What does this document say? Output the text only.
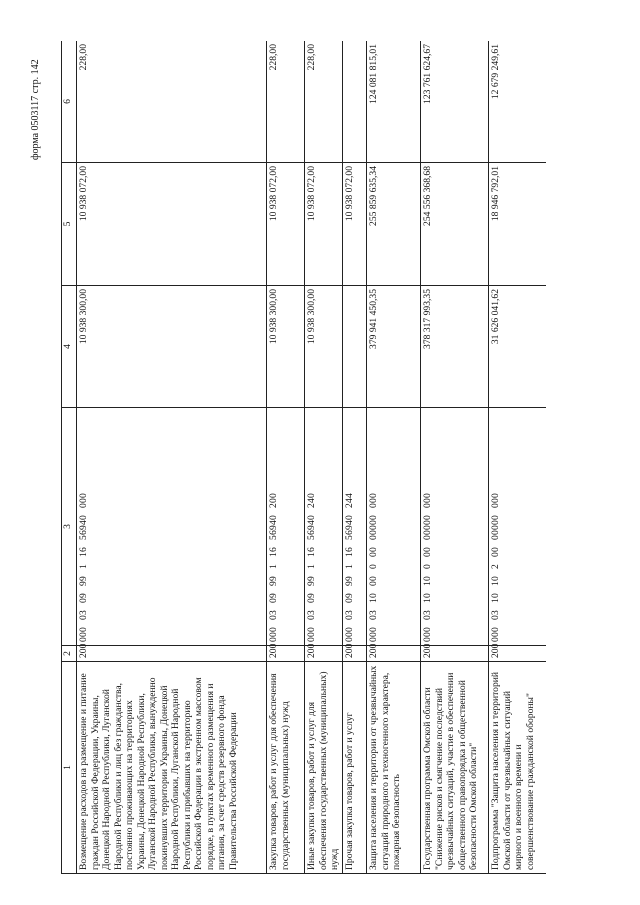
форма 0503117 стр. 142
1	2	3	4	5	6
Возмещение расходов на размещение и питание граждан Российской Федерации, Украины, Донецкой Народной Республики, Луганской Народной Республики и лиц без гражданства, постоянно проживающих на территориях Украины, Донецкой Народной Республики, Луганской Народной Республики, вынужденно покинувших территории Украины, Донецкой Народной Республики, Луганской Народной Республики и прибывших на территорию Российской Федерации в экстренном массовом порядке, в пунктах временного размещения и питания, за счет средств резервного фонда Правительства Российской Федерации	200	00003099911656940000	10 938 300,00	10 938 072,00	228,00
Закупка товаров, работ и услуг для обеспечения государственных (муниципальных) нужд	200	00003099911656940200	10 938 300,00	10 938 072,00	228,00
Иные закупки товаров, работ и услуг для обеспечения государственных (муниципальных) нужд	200	00003099911656940240	10 938 300,00	10 938 072,00	228,00
Прочая закупка товаров, работ и услуг	200	00003099911656940244		10 938 072,00	
Защита населения и территории от чрезвычайных ситуаций природного и техногенного характера, пожарная безопасность	200	00003100000000000000	379 941 450,35	255 859 635,34	124 081 815,01
Государственная программа Омской области "Снижение рисков и смягчение последствий чрезвычайных ситуаций, участие в обеспечении общественного правопорядка и общественной безопасности Омской области"	200	00003101000000000000	378 317 993,35	254 556 368,68	123 761 624,67
Подпрограмма "Защита населения и территорий Омской области от чрезвычайных ситуаций мирного и военного времени и совершенствование гражданской обороны"	200	00003101020000000000	31 626 041,62	18 946 792,01	12 679 249,61
